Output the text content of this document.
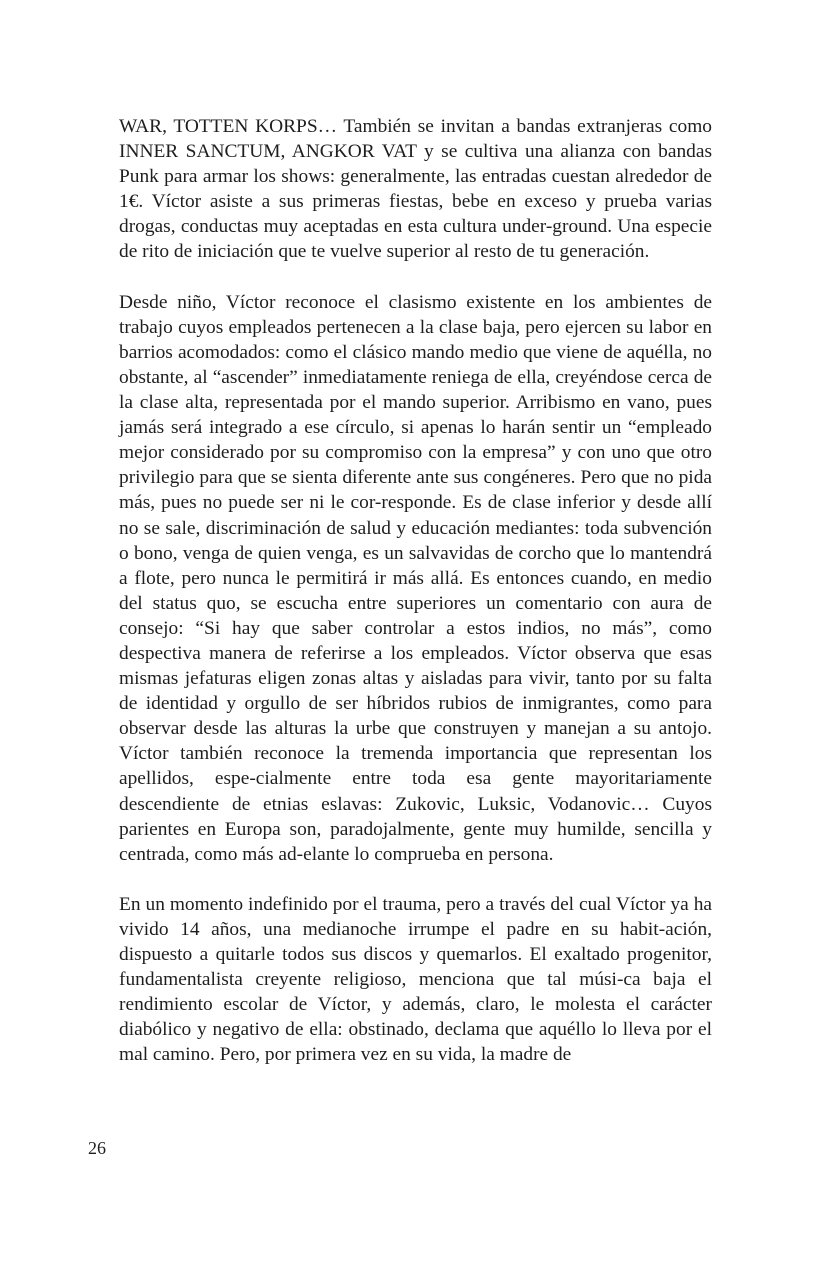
WAR, TOTTEN KORPS… También se invitan a bandas extranjeras como INNER SANCTUM, ANGKOR VAT y se cultiva una alianza con bandas Punk para armar los shows: generalmente, las entradas cuestan alrededor de 1€. Víctor asiste a sus primeras fiestas, bebe en exceso y prueba varias drogas, conductas muy aceptadas en esta cultura under-ground. Una especie de rito de iniciación que te vuelve superior al resto de tu generación.

Desde niño, Víctor reconoce el clasismo existente en los ambientes de trabajo cuyos empleados pertenecen a la clase baja, pero ejercen su labor en barrios acomodados: como el clásico mando medio que viene de aquélla, no obstante, al “ascender” inmediatamente reniega de ella, creyéndose cerca de la clase alta, representada por el mando superior. Arribismo en vano, pues jamás será integrado a ese círculo, si apenas lo harán sentir un “empleado mejor considerado por su compromiso con la empresa” y con uno que otro privilegio para que se sienta diferente ante sus congéneres. Pero que no pida más, pues no puede ser ni le cor-responde. Es de clase inferior y desde allí no se sale, discriminación de salud y educación mediantes: toda subvención o bono, venga de quien venga, es un salvavidas de corcho que lo mantendrá a flote, pero nunca le permitirá ir más allá. Es entonces cuando, en medio del status quo, se escucha entre superiores un comentario con aura de consejo: “Si hay que saber controlar a estos indios, no más”, como despectiva manera de referirse a los empleados. Víctor observa que esas mismas jefaturas eligen zonas altas y aisladas para vivir, tanto por su falta de identidad y orgullo de ser híbridos rubios de inmigrantes, como para observar desde las alturas la urbe que construyen y manejan a su antojo. Víctor también reconoce la tremenda importancia que representan los apellidos, espe-cialmente entre toda esa gente mayoritariamente descendiente de etnias eslavas: Zukovic, Luksic, Vodanovic… Cuyos parientes en Europa son, paradojalmente, gente muy humilde, sencilla y centrada, como más ad-elante lo comprueba en persona.

En un momento indefinido por el trauma, pero a través del cual Víctor ya ha vivido 14 años, una medianoche irrumpe el padre en su habit-ación, dispuesto a quitarle todos sus discos y quemarlos. El exaltado progenitor, fundamentalista creyente religioso, menciona que tal músi-ca baja el rendimiento escolar de Víctor, y además, claro, le molesta el carácter diabólico y negativo de ella: obstinado, declama que aquéllo lo lleva por el mal camino. Pero, por primera vez en su vida, la madre de

26
